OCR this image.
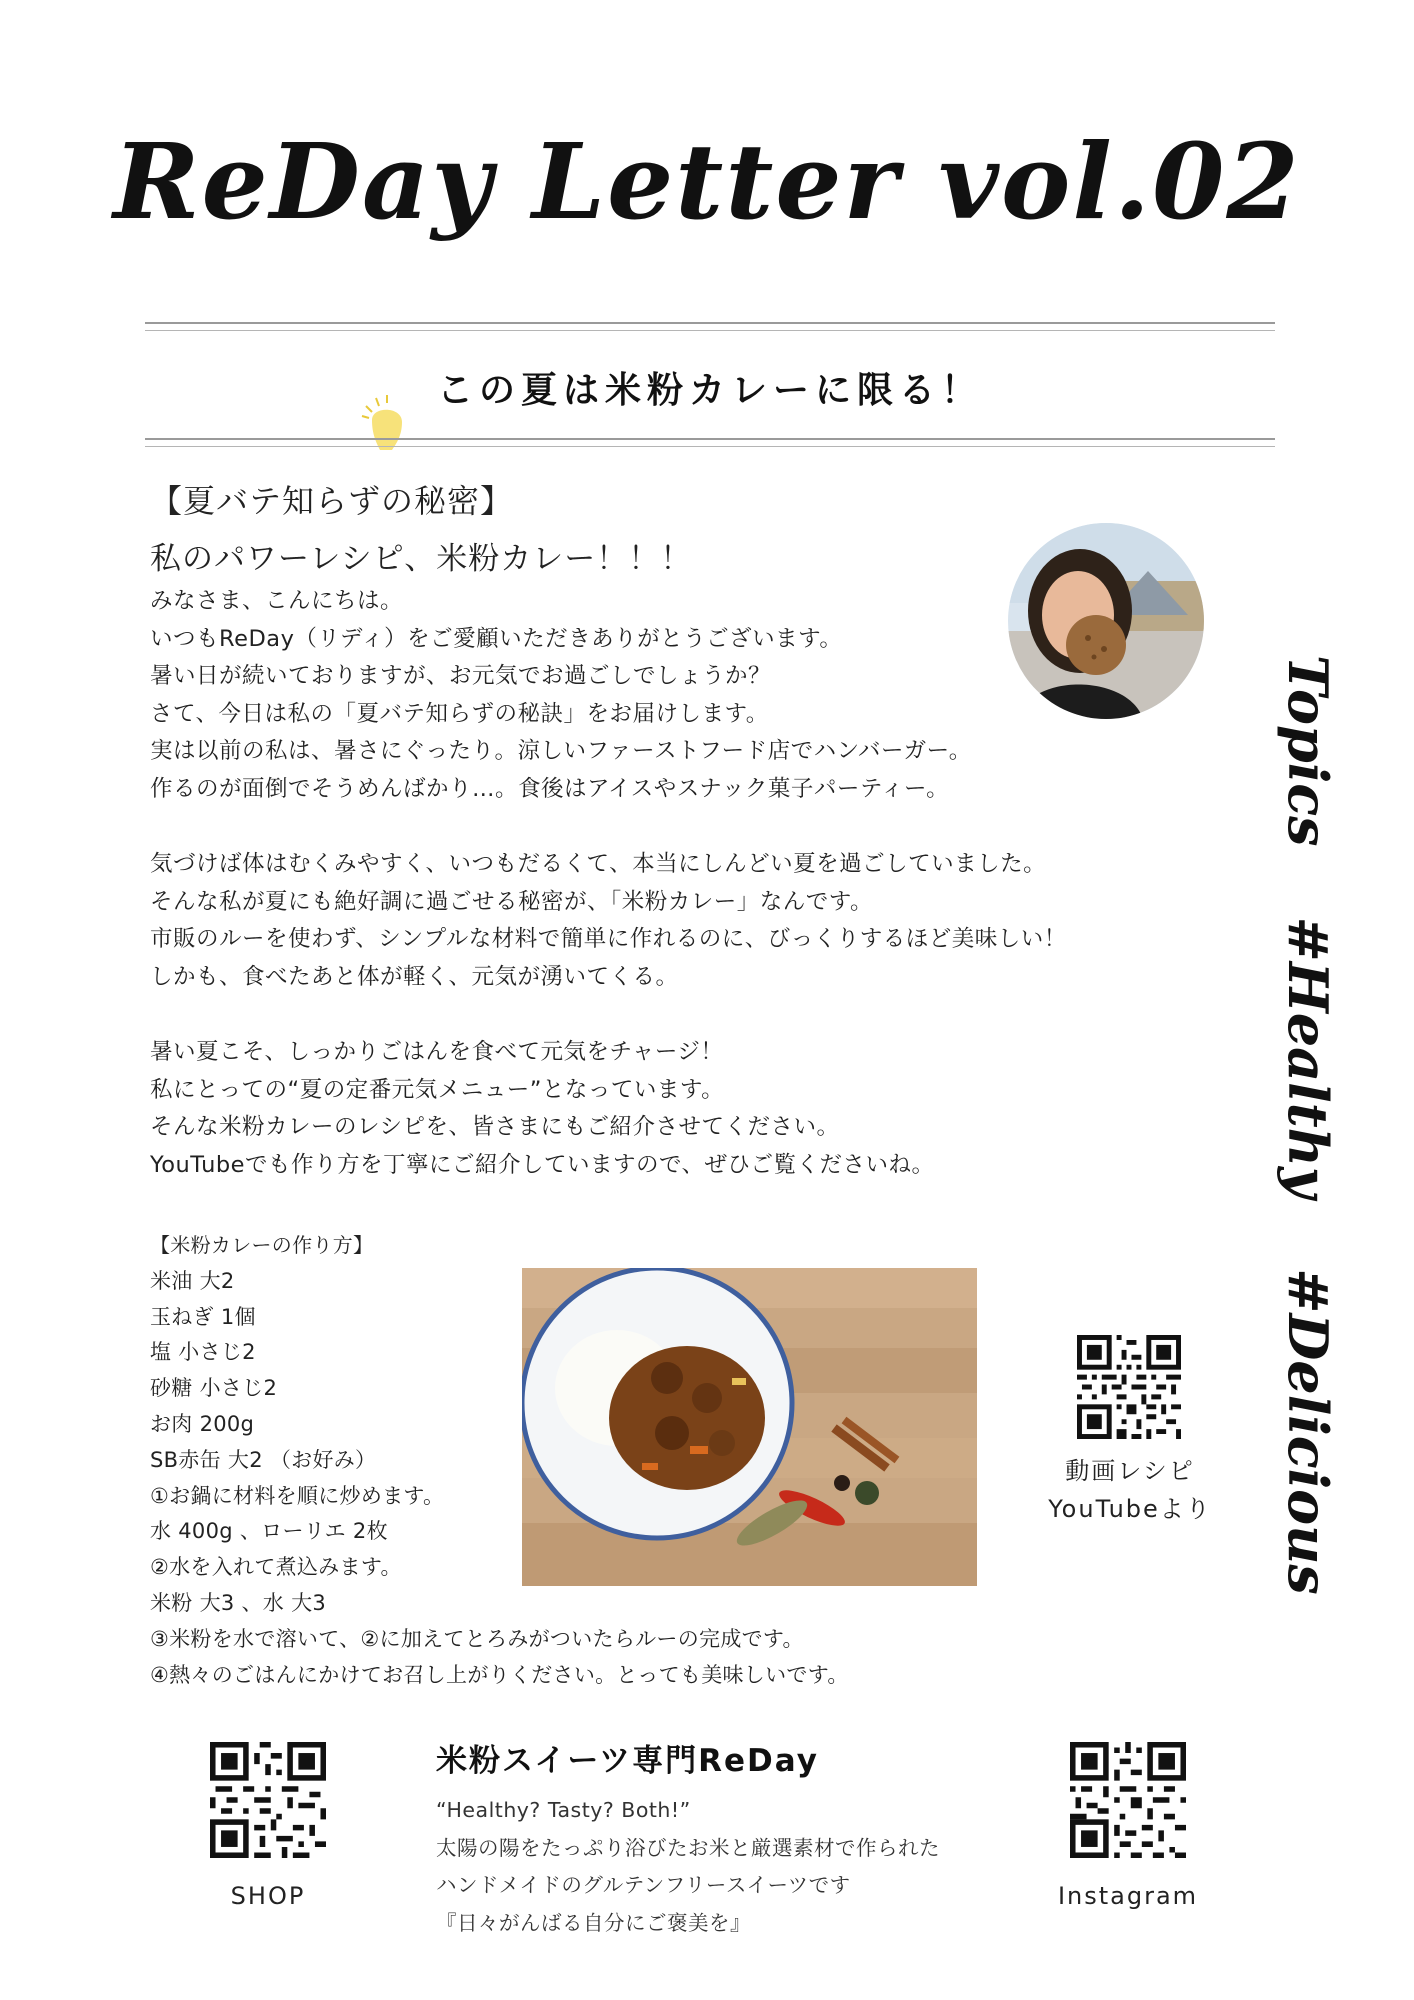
ReDay Letter vol.02
この夏は米粉カレーに限る！
【夏バテ知らずの秘密】
私のパワーレシピ、米粉カレー！！！
みなさま、こんにちは。
いつもReDay（リディ）をご愛顧いただきありがとうございます。
暑い日が続いておりますが、お元気でお過ごしでしょうか？
さて、今日は私の「夏バテ知らずの秘訣」をお届けします。
実は以前の私は、暑さにぐったり。涼しいファーストフード店でハンバーガー。
作るのが面倒でそうめんばかり…。食後はアイスやスナック菓子パーティー。
気づけば体はむくみやすく、いつもだるくて、本当にしんどい夏を過ごしていました。
そんな私が夏にも絶好調に過ごせる秘密が、「米粉カレー」なんです。
市販のルーを使わず、シンプルな材料で簡単に作れるのに、びっくりするほど美味しい！
しかも、食べたあと体が軽く、元気が湧いてくる。
暑い夏こそ、しっかりごはんを食べて元気をチャージ！
私にとっての“夏の定番元気メニュー”となっています。
そんな米粉カレーのレシピを、皆さまにもご紹介させてください。
YouTubeでも作り方を丁寧にご紹介していますので、ぜひご覧くださいね。
Topics#Healthy#Delicious
【米粉カレーの作り方】
米油 大2
玉ねぎ 1個
塩 小さじ2
砂糖 小さじ2
お肉 200g
SB赤缶 大2 （お好み）
①お鍋に材料を順に炒めます。
水 400g 、ローリエ 2枚
②水を入れて煮込みます。
米粉 大3 、水 大3
③米粉を水で溶いて、②に加えてとろみがついたらルーの完成です。
④熱々のごはんにかけてお召し上がりください。とっても美味しいです。
動画レシピ
YouTubeより
SHOP	Instagram
米粉スイーツ専門ReDay
“Healthy? Tasty? Both!”
太陽の陽をたっぷり浴びたお米と厳選素材で作られた
ハンドメイドのグルテンフリースイーツです
『日々がんばる自分にご褒美を』
